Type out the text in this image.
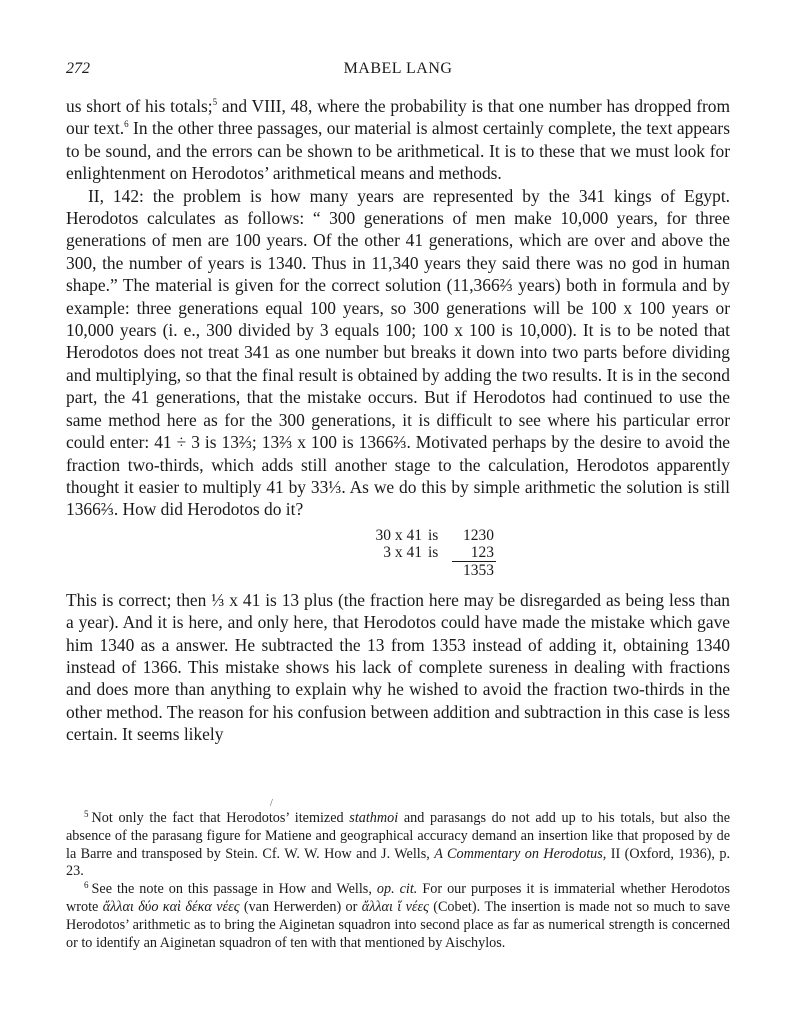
272	MABEL LANG

us short of his totals;$^5$ and VIII, 48, where the probability is that one number has dropped from our text.$^6$ In the other three passages, our material is almost certainly complete, the text appears to be sound, and the errors can be shown to be arithmetical. It is to these that we must look for enlightenment on Herodotos’ arithmetical means and methods.

II, 142: the problem is how many years are represented by the 341 kings of Egypt. Herodotos calculates as follows: “ 300 generations of men make 10,000 years, for three generations of men are 100 years. Of the other 41 generations, which are over and above the 300, the number of years is 1340. Thus in 11,340 years they said there was no god in human shape.” The material is given for the correct solution (11,366⅔ years) both in formula and by example: three generations equal 100 years, so 300 generations will be 100 x 100 years or 10,000 years (i. e., 300 divided by 3 equals 100; 100 x 100 is 10,000). It is to be noted that Herodotos does not treat 341 as one number but breaks it down into two parts before dividing and multiplying, so that the final result is obtained by adding the two results. It is in the second part, the 41 generations, that the mistake occurs. But if Herodotos had continued to use the same method here as for the 300 generations, it is difficult to see where his particular error could enter: 41 ÷ 3 is 13⅔; 13⅔ x 100 is 1366⅔. Motivated perhaps by the desire to avoid the fraction two-thirds, which adds still another stage to the calculation, Herodotos apparently thought it easier to multiply 41 by 33⅓. As we do this by simple arithmetic the solution is still 1366⅔. How did Herodotos do it?

30 x 41 is	1230
3 x 41 is	123
1353

This is correct; then ⅓ x 41 is 13 plus (the fraction here may be disregarded as being less than a year). And it is here, and only here, that Herodotos could have made the mistake which gave him 1340 as a answer. He subtracted the 13 from 1353 instead of adding it, obtaining 1340 instead of 1366. This mistake shows his lack of complete sureness in dealing with fractions and does more than anything to explain why he wished to avoid the fraction two-thirds in the other method. The reason for his confusion between addition and subtraction in this case is less certain. It seems likely

/

$^5$ Not only the fact that Herodotos’ itemized stathmoi and parasangs do not add up to his totals, but also the absence of the parasang figure for Matiene and geographical accuracy demand an insertion like that proposed by de la Barre and transposed by Stein. Cf. W. W. How and J. Wells, A Commentary on Herodotus, II (Oxford, 1936), p. 23.

$^6$ See the note on this passage in How and Wells, op. cit. For our purposes it is immaterial whether Herodotos wrote ἄλλαι δύο καὶ δέκα νέες (van Herwerden) or ἄλλαι ἵ νέες (Cobet). The insertion is made not so much to save Herodotos’ arithmetic as to bring the Aiginetan squadron into second place as far as numerical strength is concerned or to identify an Aiginetan squadron of ten with that mentioned by Aischylos.
